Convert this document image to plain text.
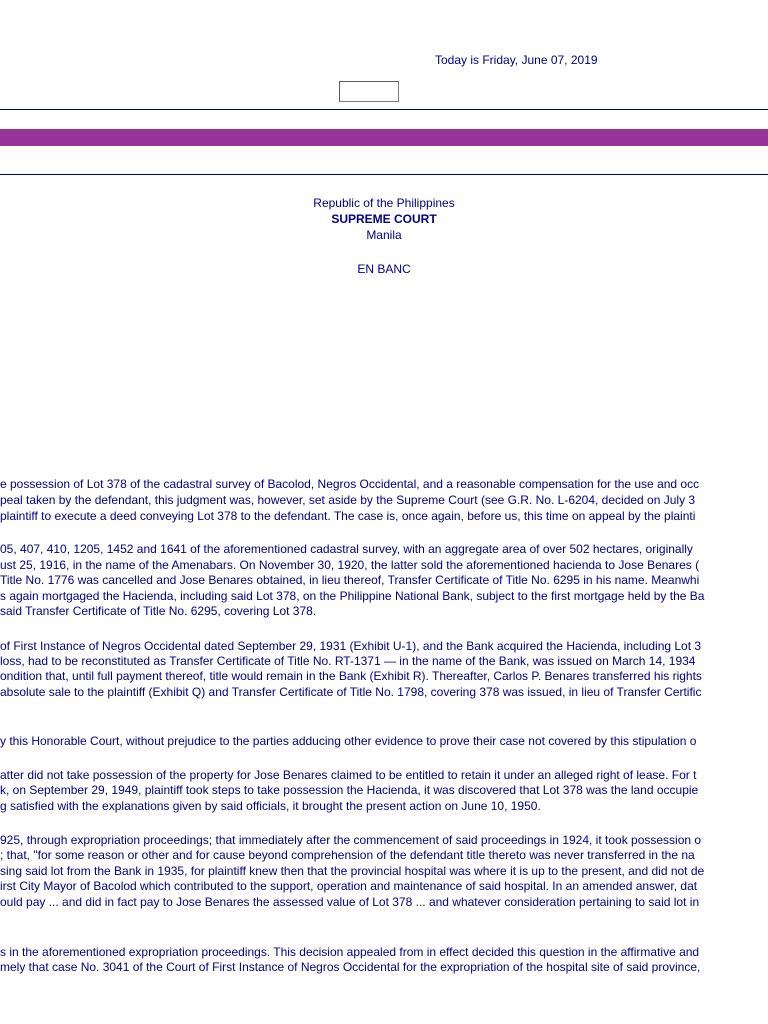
Today is Friday, June 07, 2019
Republic of the Philippines
SUPREME COURT
Manila
EN BANC
e possession of Lot 378 of the cadastral survey of Bacolod, Negros Occidental, and a reasonable compensation for the use and occ
peal taken by the defendant, this judgment was, however, set aside by the Supreme Court (see G.R. No. L-6204, decided on July 3
plaintiff to execute a deed conveying Lot 378 to the defendant. The case is, once again, before us, this time on appeal by the plainti
05, 407, 410, 1205, 1452 and 1641 of the aforementioned cadastral survey, with an aggregate area of over 502 hectares, originally
ust 25, 1916, in the name of the Amenabars. On November 30, 1920, the latter sold the aforementioned hacienda to Jose Benares (
Title No. 1776 was cancelled and Jose Benares obtained, in lieu thereof, Transfer Certificate of Title No. 6295 in his name. Meanwhi
s again mortgaged the Hacienda, including said Lot 378, on the Philippine National Bank, subject to the first mortgage held by the Ba
said Transfer Certificate of Title No. 6295, covering Lot 378.
of First Instance of Negros Occidental dated September 29, 1931 (Exhibit U-1), and the Bank acquired the Hacienda, including Lot 3
loss, had to be reconstituted as Transfer Certificate of Title No. RT-1371 — in the name of the Bank, was issued on March 14, 1934
ondition that, until full payment thereof, title would remain in the Bank (Exhibit R). Thereafter, Carlos P. Benares transferred his rights
absolute sale to the plaintiff (Exhibit Q) and Transfer Certificate of Title No. 1798, covering 378 was issued, in lieu of Transfer Certific
y this Honorable Court, without prejudice to the parties adducing other evidence to prove their case not covered by this stipulation o
atter did not take possession of the property for Jose Benares claimed to be entitled to retain it under an alleged right of lease. For t
k, on September 29, 1949, plaintiff took steps to take possession the Hacienda, it was discovered that Lot 378 was the land occupie
g satisfied with the explanations given by said officials, it brought the present action on June 10, 1950.
925, through expropriation proceedings; that immediately after the commencement of said proceedings in 1924, it took possession o
; that, "for some reason or other and for cause beyond comprehension of the defendant title thereto was never transferred in the na
sing said lot from the Bank in 1935, for plaintiff knew then that the provincial hospital was where it is up to the present, and did not de
irst City Mayor of Bacolod which contributed to the support, operation and maintenance of said hospital. In an amended answer, dat
ould pay ... and did in fact pay to Jose Benares the assessed value of Lot 378 ... and whatever consideration pertaining to said lot in
s in the aforementioned expropriation proceedings. This decision appealed from in effect decided this question in the affirmative and
mely that case No. 3041 of the Court of First Instance of Negros Occidental for the expropriation of the hospital site of said province,
